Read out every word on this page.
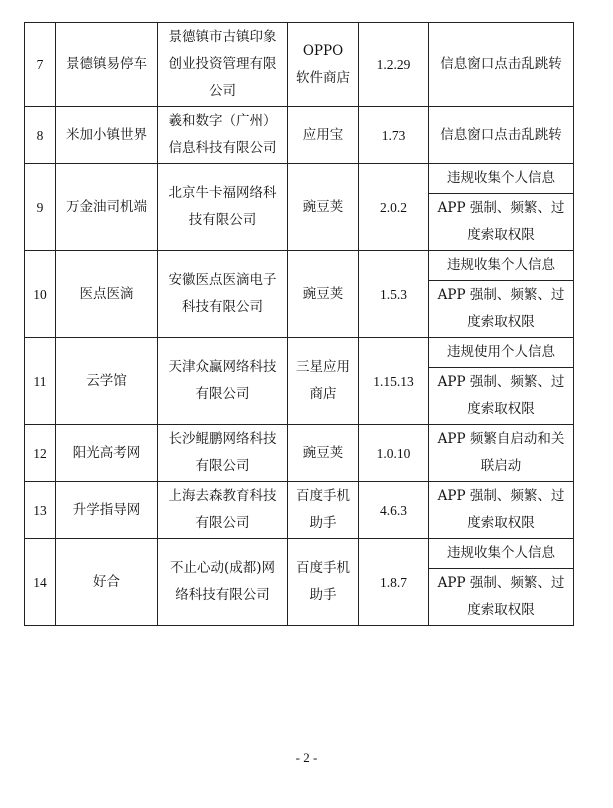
7	景德镇易停车	景德镇市古镇印象创业投资管理有限公司	OPPO 软件商店	1.2.29	信息窗口点击乱跳转
8	米加小镇世界	羲和数字（广州）信息科技有限公司	应用宝	1.73	信息窗口点击乱跳转
9	万金油司机端	北京牛卡福网络科技有限公司	豌豆荚	2.0.2	违规收集个人信息
					APP 强制、频繁、过度索取权限
10	医点医滴	安徽医点医滴电子科技有限公司	豌豆荚	1.5.3	违规收集个人信息
					APP 强制、频繁、过度索取权限
11	云学馆	天津众赢网络科技有限公司	三星应用商店	1.15.13	违规使用个人信息
					APP 强制、频繁、过度索取权限
12	阳光高考网	长沙鲲鹏网络科技有限公司	豌豆荚	1.0.10	APP 频繁自启动和关联启动
13	升学指导网	上海去森教育科技有限公司	百度手机助手	4.6.3	APP 强制、频繁、过度索取权限
14	好合	不止心动(成都)网络科技有限公司	百度手机助手	1.8.7	违规收集个人信息
					APP 强制、频繁、过度索取权限
- 2 -
